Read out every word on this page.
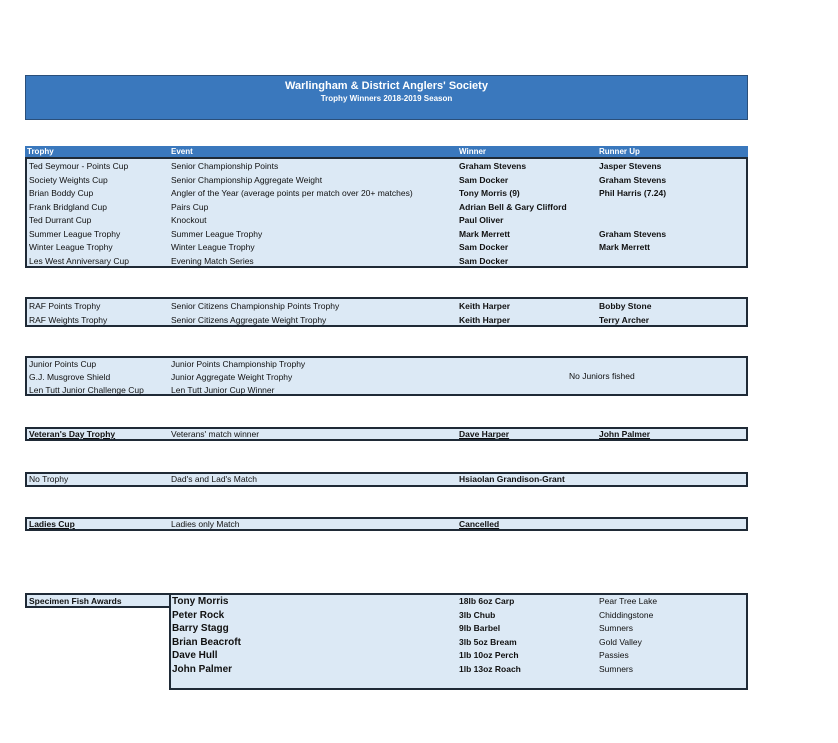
Warlingham & District Anglers' Society
Trophy Winners 2018-2019 Season
Trophy	Event	Winner	Runner Up
Ted Seymour - Points Cup	Senior Championship Points	Graham Stevens	Jasper Stevens
Society Weights Cup	Senior Championship Aggregate Weight	Sam Docker	Graham Stevens
Brian Boddy Cup	Angler of the Year (average points per match over 20+ matches)	Tony Morris (9)	Phil Harris (7.24)
Frank Bridgland Cup	Pairs Cup	Adrian Bell & Gary Clifford
Ted Durrant Cup	Knockout	Paul Oliver
Summer League Trophy	Summer League Trophy	Mark Merrett	Graham Stevens
Winter League Trophy	Winter League Trophy	Sam Docker	Mark Merrett
Les West Anniversary Cup	Evening Match Series	Sam Docker
RAF Points Trophy	Senior Citizens Championship Points Trophy	Keith Harper	Bobby Stone
RAF Weights Trophy	Senior Citizens Aggregate Weight Trophy	Keith Harper	Terry Archer
Junior Points Cup	Junior Points Championship Trophy
G.J. Musgrove Shield	Junior Aggregate Weight Trophy
Len Tutt Junior Challenge Cup	Len Tutt Junior Cup Winner
No Juniors fished
Veteran's Day Trophy	Veterans' match winner	Dave Harper	John Palmer
No Trophy	Dad's and Lad's Match	Hsiaolan Grandison-Grant
Ladies Cup	Ladies only Match	Cancelled
Specimen Fish Awards	Tony Morris	18lb 6oz Carp	Pear Tree Lake
Peter Rock	3lb Chub	Chiddingstone
Barry Stagg	9lb Barbel	Sumners
Brian Beacroft	3lb 5oz Bream	Gold Valley
Dave Hull	1lb 10oz Perch	Passies
John Palmer	1lb 13oz Roach	Sumners
